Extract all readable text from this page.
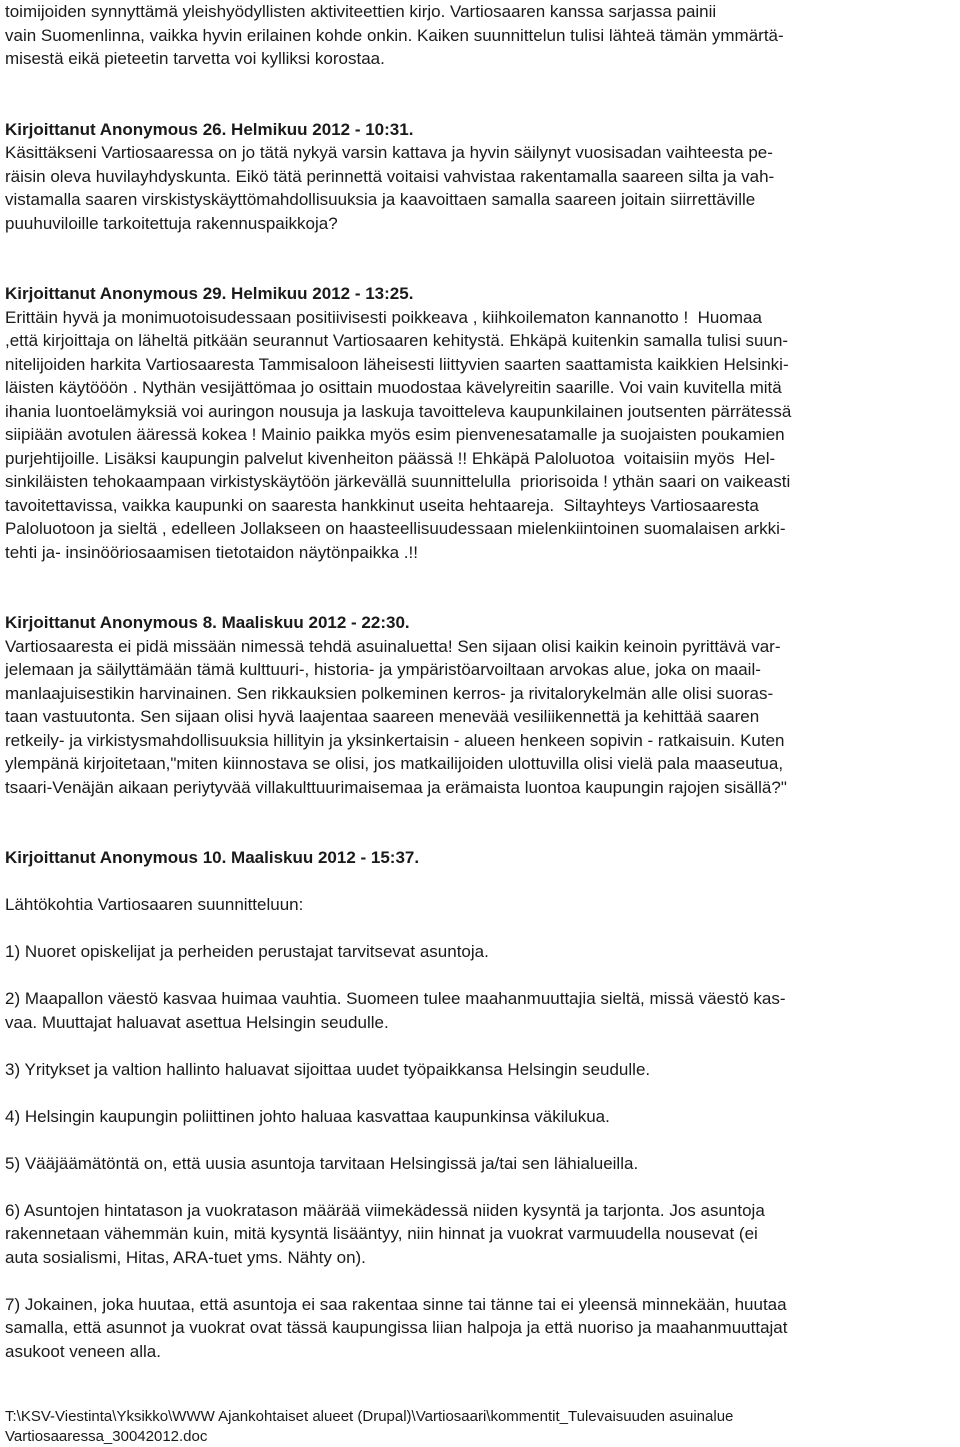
toimijoiden synnyttämä yleishyödyllisten aktiviteettien kirjo. Vartiosaaren kanssa sarjassa painii
vain Suomenlinna, vaikka hyvin erilainen kohde onkin. Kaiken suunnittelun tulisi lähteä tämän ymmärtä-
misestä eikä pieteetin tarvetta voi kylliksi korostaa.
Kirjoittanut Anonymous 26. Helmikuu 2012 - 10:31.
Käsittäkseni Vartiosaaressa on jo tätä nykyä varsin kattava ja hyvin säilynyt vuosisadan vaihteesta pe-
räisin oleva huvilayhdyskunta. Eikö tätä perinnettä voitaisi vahvistaa rakentamalla saareen silta ja vah-
vistamalla saaren virskistyskäyttömahdollisuuksia ja kaavoittaen samalla saareen joitain siirrettäville
puuhuviloille tarkoitettuja rakennuspaikkoja?
Kirjoittanut Anonymous 29. Helmikuu 2012 - 13:25.
Erittäin hyvä ja monimuotoisudessaan positiivisesti poikkeava , kiihkoilematon kannanotto !  Huomaa
,että kirjoittaja on läheltä pitkään seurannut Vartiosaaren kehitystä. Ehkäpä kuitenkin samalla tulisi suun-
nitelijoiden harkita Vartiosaaresta Tammisaloon läheisesti liittyvien saarten saattamista kaikkien Helsinki-
läisten käytööön . Nythän vesijättömaa jo osittain muodostaa kävelyreitin saarille. Voi vain kuvitella mitä
ihania luontoelämyksiä voi auringon nousuja ja laskuja tavoitteleva kaupunkilainen joutsenten pärrätessä
siipiään avotulen ääressä kokea ! Mainio paikka myös esim pienvenesatamalle ja suojaisten poukamien
purjehtijoille. Lisäksi kaupungin palvelut kivenheiton päässä !! Ehkäpä Paloluotoa  voitaisiin myös  Hel-
sinkiläisten tehokaampaan virkistyskäytöön järkevällä suunnittelulla  priorisoida ! ythän saari on vaikeasti
tavoitettavissa, vaikka kaupunki on saaresta hankkinut useita hehtaareja.  Siltayhteys Vartiosaaresta
Paloluotoon ja sieltä , edelleen Jollakseen on haasteellisuudessaan mielenkiintoinen suomalaisen arkki-
tehti ja- insinööriosaamisen tietotaidon näytönpaikka .!!
Kirjoittanut Anonymous 8. Maaliskuu 2012 - 22:30.
Vartiosaaresta ei pidä missään nimessä tehdä asuinaluetta! Sen sijaan olisi kaikin keinoin pyrittävä var-
jelemaan ja säilyttämään tämä kulttuuri-, historia- ja ympäristöarvoiltaan arvokas alue, joka on maail-
manlaajuisestikin harvinainen. Sen rikkauksien polkeminen kerros- ja rivitalorykelmän alle olisi suoras-
taan vastuutonta. Sen sijaan olisi hyvä laajentaa saareen menevää vesiliikennettä ja kehittää saaren
retkeily- ja virkistysmahdollisuuksia hillityin ja yksinkertaisin - alueen henkeen sopivin - ratkaisuin. Kuten
ylempänä kirjoitetaan,"miten kiinnostava se olisi, jos matkailijoiden ulottuvilla olisi vielä pala maaseutua,
tsaari-Venäjän aikaan periytyvää villakulttuurimaisemaa ja erämaista luontoa kaupungin rajojen sisällä?"
Kirjoittanut Anonymous 10. Maaliskuu 2012 - 15:37.
Lähtökohtia Vartiosaaren suunnitteluun:
1) Nuoret opiskelijat ja perheiden perustajat tarvitsevat asuntoja.
2) Maapallon väestö kasvaa huimaa vauhtia. Suomeen tulee maahanmuuttajia sieltä, missä väestö kas-
vaa. Muuttajat haluavat asettua Helsingin seudulle.
3) Yritykset ja valtion hallinto haluavat sijoittaa uudet työpaikkansa Helsingin seudulle.
4) Helsingin kaupungin poliittinen johto haluaa kasvattaa kaupunkinsa väkilukua.
5) Vääjäämätöntä on, että uusia asuntoja tarvitaan Helsingissä ja/tai sen lähialueilla.
6) Asuntojen hintatason ja vuokratason määrää viimekädessä niiden kysyntä ja tarjonta. Jos asuntoja
rakennetaan vähemmän kuin, mitä kysyntä lisääntyy, niin hinnat ja vuokrat varmuudella nousevat (ei
auta sosialismi, Hitas, ARA-tuet yms. Nähty on).
7) Jokainen, joka huutaa, että asuntoja ei saa rakentaa sinne tai tänne tai ei yleensä minnekään, huutaa
samalla, että asunnot ja vuokrat ovat tässä kaupungissa liian halpoja ja että nuoriso ja maahanmuuttajat
asukoot veneen alla.
T:\KSV-Viestinta\Yksikko\WWW Ajankohtaiset alueet (Drupal)\Vartiosaari\kommentit_Tulevaisuuden asuinalue
Vartiosaaressa_30042012.doc
